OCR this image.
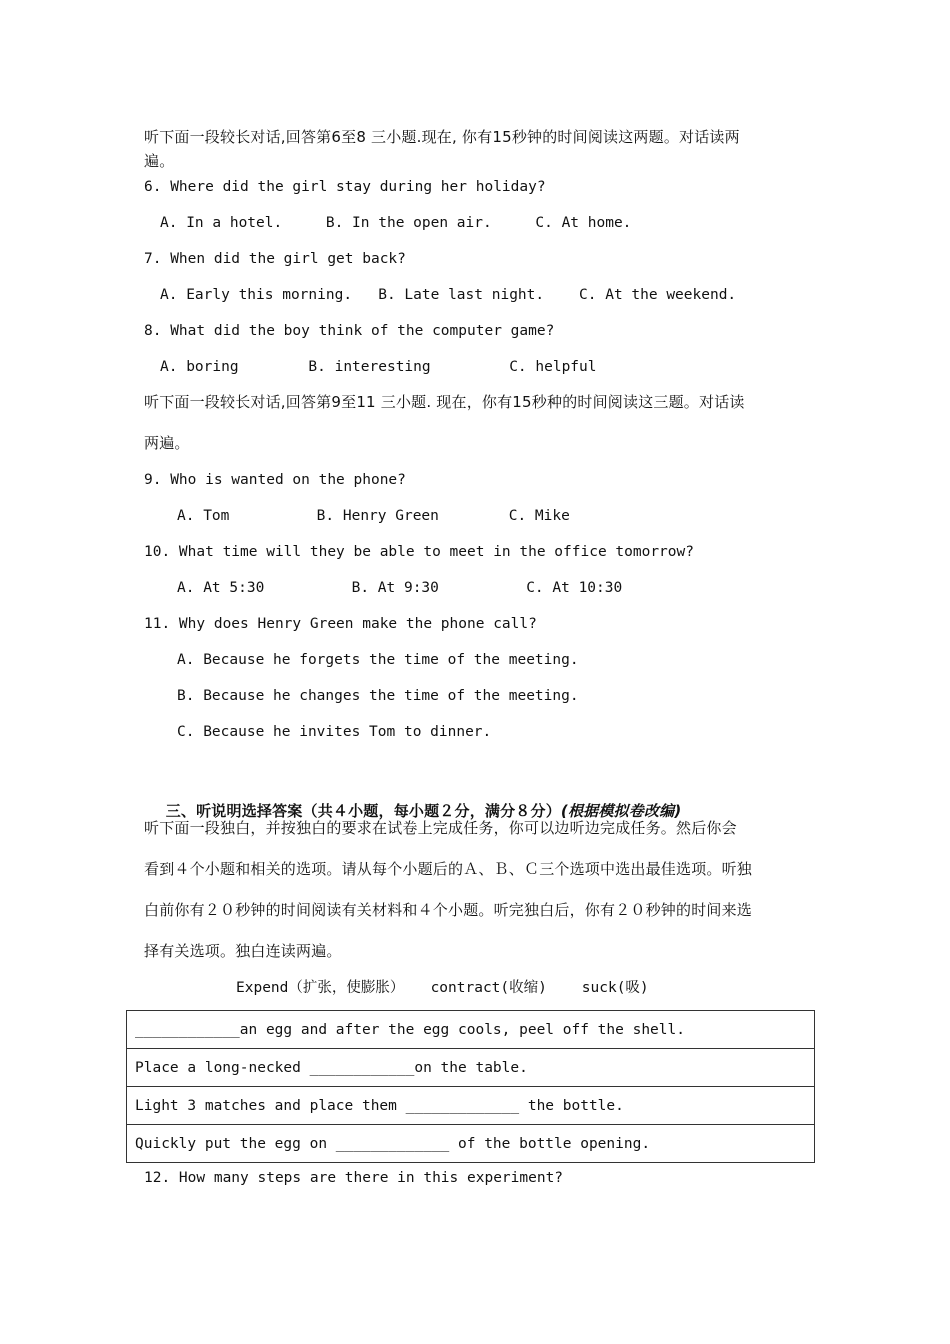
听下面一段较长对话,回答第6至8 三小题.现在, 你有15秒钟的时间阅读这两题。对话读两
遍。
6. Where did the girl stay during her holiday?
A. In a hotel.     B. In the open air.     C. At home.
7. When did the girl get back?
A. Early this morning.   B. Late last night.    C. At the weekend.
8. What did the boy think of the computer game?
A. boring        B. interesting         C. helpful
听下面一段较长对话,回答第9至11 三小题. 现在，你有15秒种的时间阅读这三题。对话读
两遍。
9. Who is wanted on the phone?
A. Tom          B. Henry Green        C. Mike
10. What time will they be able to meet in the office tomorrow?
A. At 5:30          B. At 9:30          C. At 10:30
11. Why does Henry Green make the phone call?
A. Because he forgets the time of the meeting.
B. Because he changes the time of the meeting.
C. Because he invites Tom to dinner.

三、听说明选择答案（共４小题，每小题２分，满分８分）(根据模拟卷改编)

听下面一段独白，并按独白的要求在试卷上完成任务，你可以边听边完成任务。然后你会
看到４个小题和相关的选项。请从每个小题后的Ａ、Ｂ、Ｃ三个选项中选出最佳选项。听独
白前你有２０秒钟的时间阅读有关材料和４个小题。听完独白后，你有２０秒钟的时间来选
择有关选项。独白连读两遍。
Expend（扩张，使膨胀）   contract(收缩)    suck(吸)
____________an egg and after the egg cools, peel off the shell.
Place a long-necked ____________on the table.
Light 3 matches and place them _____________ the bottle.
Quickly put the egg on _____________ of the bottle opening.
12. How many steps are there in this experiment?
